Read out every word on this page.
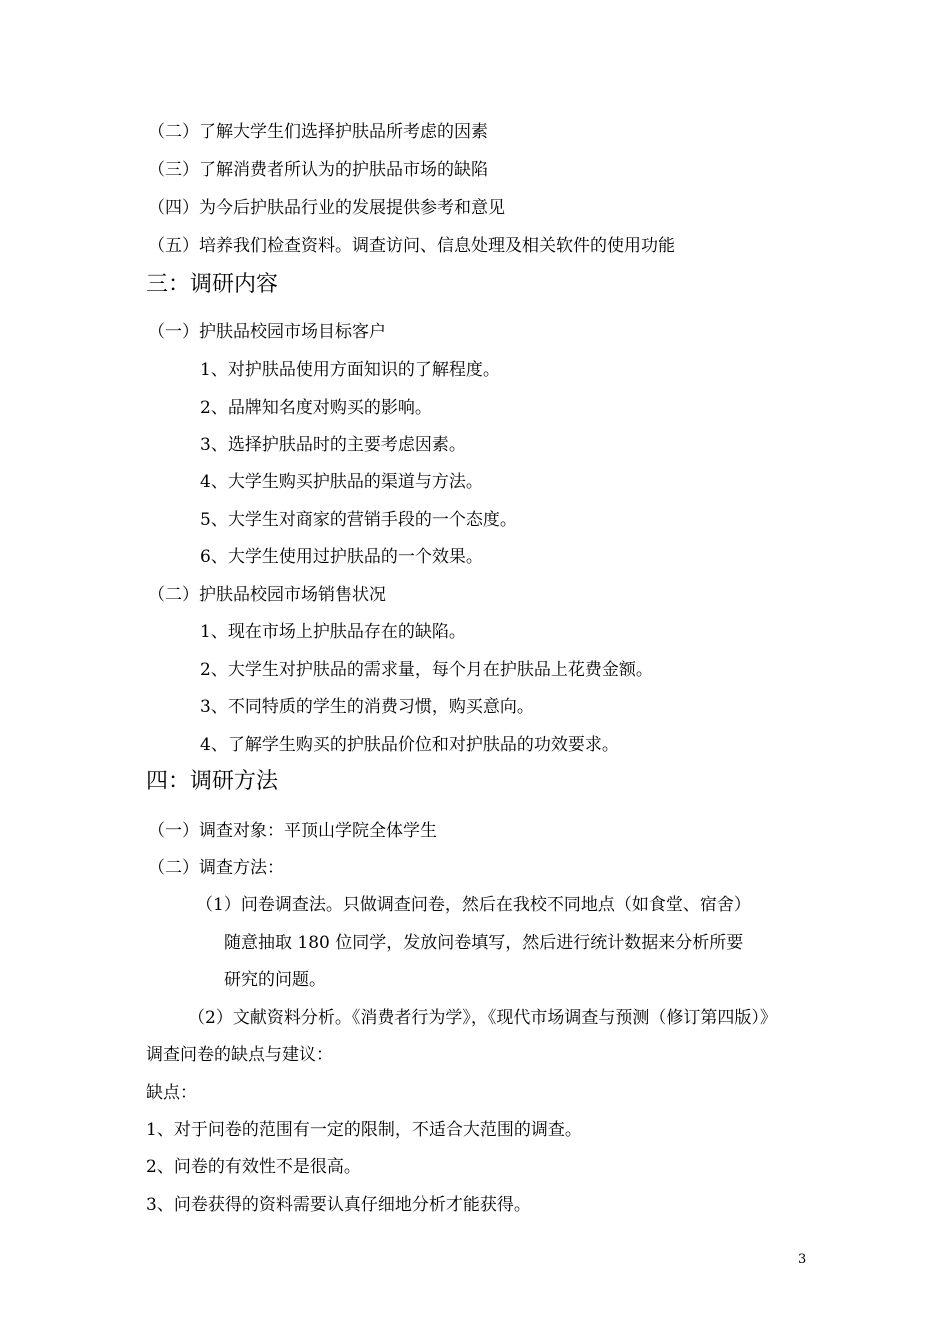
（二）了解大学生们选择护肤品所考虑的因素
（三）了解消费者所认为的护肤品市场的缺陷
（四）为今后护肤品行业的发展提供参考和意见
（五）培养我们检查资料。调查访问、信息处理及相关软件的使用功能
三：调研内容
（一）护肤品校园市场目标客户
1、对护肤品使用方面知识的了解程度。
2、品牌知名度对购买的影响。
3、选择护肤品时的主要考虑因素。
4、大学生购买护肤品的渠道与方法。
5、大学生对商家的营销手段的一个态度。
6、大学生使用过护肤品的一个效果。
（二）护肤品校园市场销售状况
1、现在市场上护肤品存在的缺陷。
2、大学生对护肤品的需求量，每个月在护肤品上花费金额。
3、不同特质的学生的消费习惯，购买意向。
4、了解学生购买的护肤品价位和对护肤品的功效要求。
四：调研方法
（一）调查对象：平顶山学院全体学生
（二）调查方法：
（1）问卷调查法。只做调查问卷，然后在我校不同地点（如食堂、宿舍）
随意抽取 180 位同学，发放问卷填写，然后进行统计数据来分析所要
研究的问题。
（2）文献资料分析。《消费者行为学》，《现代市场调查与预测（修订第四版）》
调查问卷的缺点与建议：
缺点：
1、对于问卷的范围有一定的限制，不适合大范围的调查。
2、问卷的有效性不是很高。
3、问卷获得的资料需要认真仔细地分析才能获得。
3
